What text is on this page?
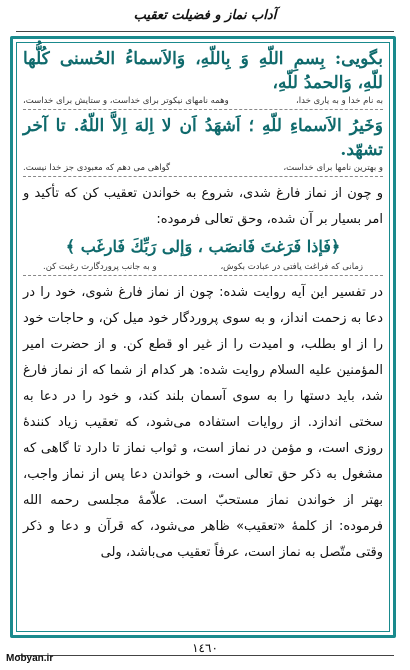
آداب نماز و فضیلت تعقیب
بگویی: بِسمِ اللّهِ وَ بِاللّهِ، وَالاَسماءُ الحُسنی کُلُّها للّهِ، وَالحمدُ للّهِ،
به نام خدا و به یاری خدا،
وهمه نامهای نیکوتر برای خداست، و ستایش برای خداست،
وَخَیرُ الاَسماءِ للّهِ ؛ اَشهَدُ اَن لا اِلهَ اِلاَّ اللّهُ. تا آخر تشهّد.
و بهترین نامها برای خداست،
گواهی می دهم که معبودی جز خدا نیست.
و چون از نماز فارغ شدی، شروع به خواندن تعقیب کن که تأکید و امر بسیار بر آن شده، وحق تعالی فرموده:
﴿فَإذا فَرَغتَ فَانصَب ، وَإلی رَبِّكَ فَارغَب ﴾
زمانی که فراغت یافتی در عبادت بکوش،
و به جانب پروردگارت رغبت کن.
در تفسیر این آیه روایت شده: چون از نماز فارغ شوی، خود را در دعا به زحمت انداز، و به سوی پروردگار خود میل کن، و حاجات خود را از او بطلب، و امیدت را از غیر او قطع کن. و از حضرت امیر المؤمنین علیه السلام روایت شده: هر کدام از شما که از نماز فارغ شد، باید دستها را به سوی آسمان بلند کند، و خود را در دعا به سختی اندازد. از روایات استفاده می‌شود، که تعقیب زیاد کنندهٔ روزی است، و مؤمن در نماز است، و ثواب نماز تا دارد تا گاهی که مشغول به ذکر حق تعالی است، و خواندن دعا پس از نماز واجب، بهتر از خواندن نماز مستحبّ است. علاّمهٔ مجلسی رحمه الله فرموده: از کلمهٔ «تعقیب» ظاهر می‌شود، که قرآن و دعا و ذکر وقتی متّصل به نماز است، عرفاً تعقیب می‌باشد، ولی
١٤٦٠
Mobyan.ir
